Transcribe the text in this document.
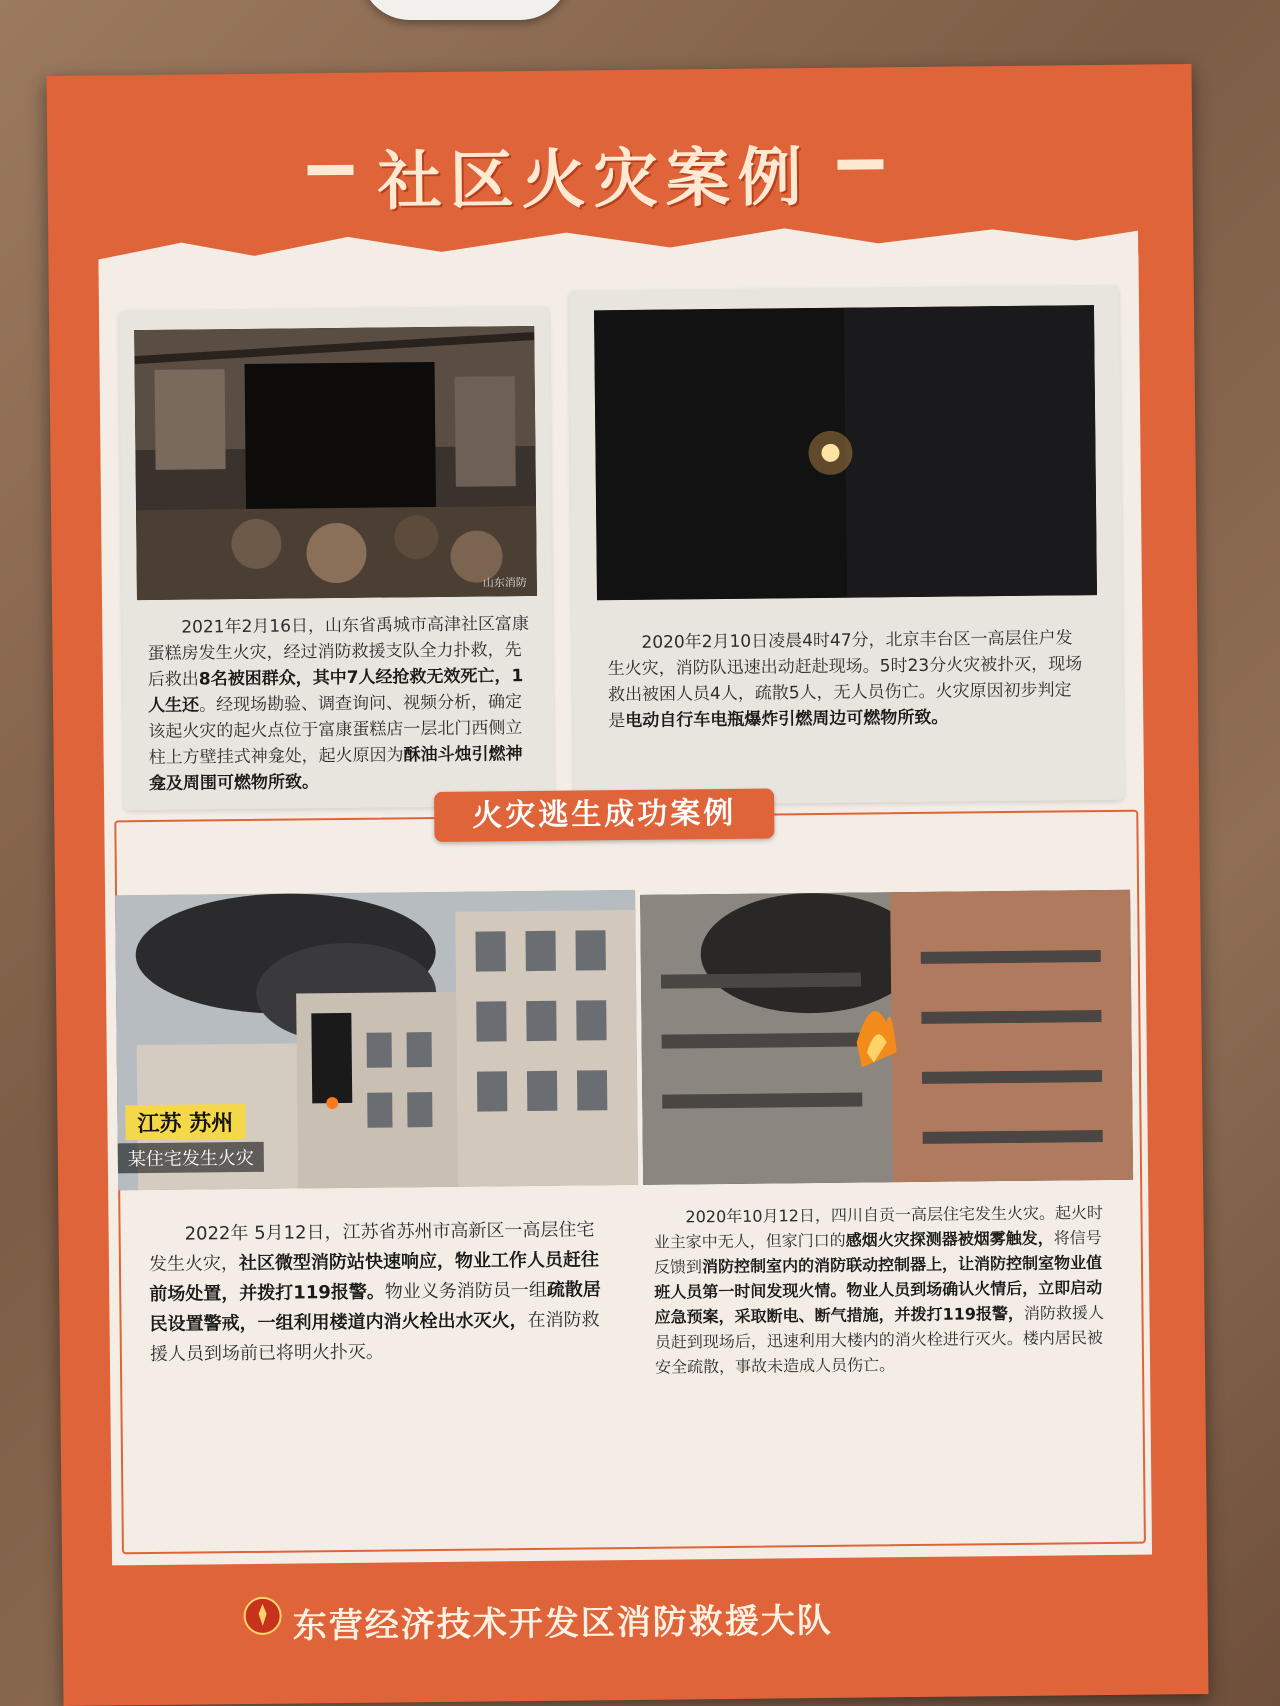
社区火灾案例
山东消防
2021年2月16日，山东省禹城市高津社区富康蛋糕房发生火灾，经过消防救援支队全力扑救，先后救出8名被困群众，其中7人经抢救无效死亡，1人生还。经现场勘验、调查询问、视频分析，确定该起火灾的起火点位于富康蛋糕店一层北门西侧立柱上方壁挂式神龛处，起火原因为酥油斗烛引燃神龛及周围可燃物所致。
2020年2月10日凌晨4时47分，北京丰台区一高层住户发生火灾，消防队迅速出动赶赴现场。5时23分火灾被扑灭，现场救出被困人员4人，疏散5人，无人员伤亡。火灾原因初步判定是电动自行车电瓶爆炸引燃周边可燃物所致。
火灾逃生成功案例
江苏 苏州
某住宅发生火灾
2022年 5月12日，江苏省苏州市高新区一高层住宅发生火灾，社区微型消防站快速响应，物业工作人员赶往前场处置，并拨打119报警。物业义务消防员一组疏散居民设置警戒，一组利用楼道内消火栓出水灭火，在消防救援人员到场前已将明火扑灭。
2020年10月12日，四川自贡一高层住宅发生火灾。起火时业主家中无人，但家门口的感烟火灾探测器被烟雾触发，将信号反馈到消防控制室内的消防联动控制器上，让消防控制室物业值班人员第一时间发现火情。物业人员到场确认火情后，立即启动应急预案，采取断电、断气措施，并拨打119报警，消防救援人员赶到现场后，迅速利用大楼内的消火栓进行灭火。楼内居民被安全疏散，事故未造成人员伤亡。
东营经济技术开发区消防救援大队
